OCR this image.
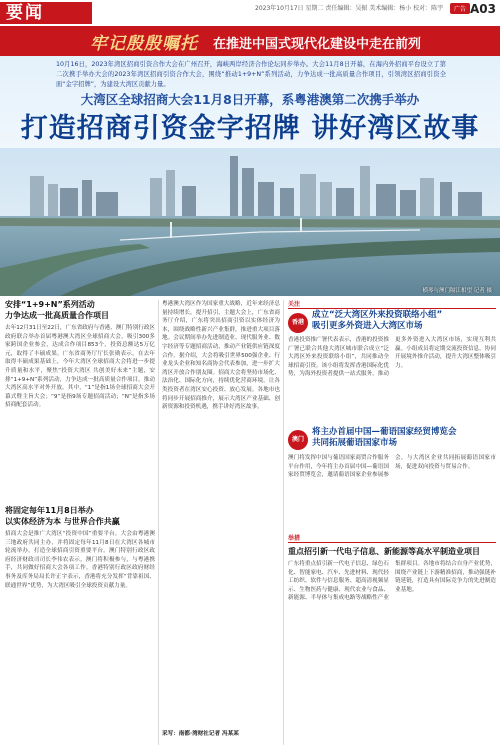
要闻	2023年10月17日 星期二 责任编辑：吴振 美术编辑：杨小 校对：陈宇	广告 A03
牢记殷殷嘱托 在推进中国式现代化建设中走在前列
10月16日，2023年湾区招商引资合作大会在广州召开，海峡两岸经济合作论坛同步举办。大会11月8日开幕，在海内外招商平台设立了第二次携手举办大会的2023年湾区招商引资合作大会，围绕“推动1+9+N”系列活动，力争达成一批高质量合作项目，引领湾区招商引资全面“金字招牌”，为建设大湾区贡献力量。
大湾区全球招商大会11月8日开幕，系粤港澳第二次携手举办
打造招商引资金字招牌 讲好湾区故事
横琴与澳门隔江相望 记者 摄
安排“1+9+N”系列活动
力争达成一批高质量合作项目
去年12月31日至22日，广东省政府与香港、澳门特别行政区政府联合举办首届粤港澳大湾区全球招商大会，吸引300多家跨国企业参会，达成合作项目853个，投资总额达5万亿元，取得了丰硕成果。广东省商务厅厅长张勋表示，在去年取得丰硕成果基础上，今年大湾区全球招商大会将进一步提升质量和水平，聚焦“投资大湾区 共创美好未来”主题，安排“1+9+N”系列活动，力争达成一批高质量合作项目，推动大湾区高水平对外开放。其中，“1”是指1场全球招商大会开幕式暨主旨大会；“9”是指9场专题招商活动；“N”是指多场招商配套活动。
将固定每年11月8日举办
以实体经济为本 与世界合作共赢
招商大会是推广大湾区“投资中国”重要平台。大会由粤港澳三地政府共同主办，并将固定每年11月8日在大湾区各城市轮流举办，打造全球招商引资重要平台。澳门特别行政区政府经济财政司司长李伟农表示，澳门将积极参与，与粤港携手，共同做好招商大会各项工作。香港特别行政区政府财经事务及库务局局长许正宇表示，香港将充分发挥“背靠祖国、联通世界”优势，为大湾区吸引全球投资贡献力量。
粤港澳大湾区作为国家重大战略，近年来经济总量持续增长。提升招引，主题大会上，广东省商务厅介绍，广东将突出招商引资以实体经济为本，围绕战略性新兴产业集群，推进重大项目落地。会议期间举办先进制造业、现代服务业、数字经济等专题招商活动，推动产业链供应链深度合作。据介绍，大会将吸引世界500强企业、行业龙头企业和知名商协会代表参加，进一步扩大湾区开放合作朋友圈。招商大会将坚持市场化、法治化、国际化方向，持续优化营商环境，让各类投资者在湾区安心投资、放心发展。各地市也将同步开展招商推介，展示大湾区产业基础、创新资源和投资机遇，携手讲好湾区故事。
采写：南都·湾财社记者 冯某某
关注
香港
成立“泛大湾区外来投资联络小组”
吸引更多外资进入大湾区市场
香港投资推广署代表表示，香港的投资推广署已联合其他大湾区城市联合成立“泛大湾区外来投资联络小组”，共同推动全球招商引资。该小组将发挥香港国际化优势，为海外投资者提供一站式服务，推动更多外资进入大湾区市场，实现互利共赢。小组成员将定期交流投资信息，协同开展境外推介活动，提升大湾区整体吸引力。
澳门
将主办首届中国—葡语国家经贸博览会
共同拓展葡语国家市场
澳门将发挥中国与葡语国家商贸合作服务平台作用，今年将主办首届中国—葡语国家经贸博览会，邀请葡语国家企业参展参会，与大湾区企业共同拓展葡语国家市场，促进双向投资与贸易合作。
举措
重点招引新一代电子信息、新能源等高水平制造业项目
广东将重点招引新一代电子信息、绿色石化、智能家电、汽车、先进材料、现代轻工纺织、软件与信息服务、超高清视频显示、生物医药与健康、现代农业与食品、新能源、半导体与集成电路等战略性产业集群项目。各地市将结合自身产业优势，围绕产业链上下游精准招商，推动强链补链延链，打造具有国际竞争力的先进制造业基地。
